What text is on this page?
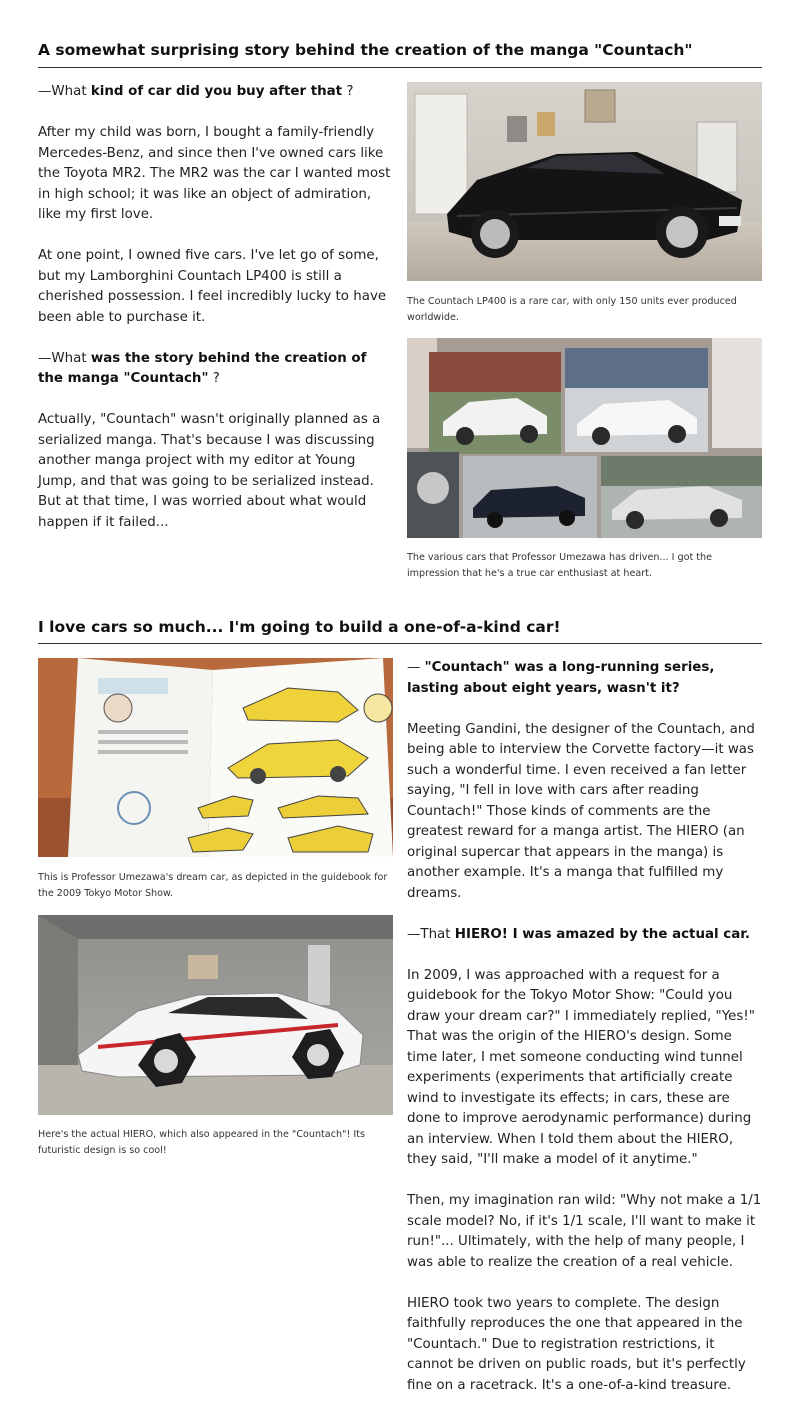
A somewhat surprising story behind the creation of the manga "Countach"

—What kind of car did you buy after that ?

After my child was born, I bought a family-friendly Mercedes-Benz, and since then I've owned cars like the Toyota MR2. The MR2 was the car I wanted most in high school; it was like an object of admiration, like my first love.

At one point, I owned five cars. I've let go of some, but my Lamborghini Countach LP400 is still a cherished possession. I feel incredibly lucky to have been able to purchase it.

—What was the story behind the creation of the manga "Countach" ?

Actually, "Countach" wasn't originally planned as a serialized manga. That's because I was discussing another manga project with my editor at Young Jump, and that was going to be serialized instead. But at that time, I was worried about what would happen if it failed...

The Countach LP400 is a rare car, with only 150 units ever produced worldwide.
The various cars that Professor Umezawa has driven... I got the impression that he's a true car enthusiast at heart.
I love cars so much... I'm going to build a one-of-a-kind car!

— "Countach" was a long-running series, lasting about eight years, wasn't it?

Meeting Gandini, the designer of the Countach, and being able to interview the Corvette factory—it was such a wonderful time. I even received a fan letter saying, "I fell in love with cars after reading Countach!" Those kinds of comments are the greatest reward for a manga artist. The HIERO (an original supercar that appears in the manga) is another example. It's a manga that fulfilled my dreams.

—That HIERO! I was amazed by the actual car.

In 2009, I was approached with a request for a guidebook for the Tokyo Motor Show: "Could you draw your dream car?" I immediately replied, "Yes!" That was the origin of the HIERO's design. Some time later, I met someone conducting wind tunnel experiments (experiments that artificially create wind to investigate its effects; in cars, these are done to improve aerodynamic performance) during an interview. When I told them about the HIERO, they said, "I'll make a model of it anytime."

Then, my imagination ran wild: "Why not make a 1/1 scale model? No, if it's 1/1 scale, I'll want to make it run!"... Ultimately, with the help of many people, I was able to realize the creation of a real vehicle.

HIERO took two years to complete. The design faithfully reproduces the one that appeared in the "Countach." Due to registration restrictions, it cannot be driven on public roads, but it's perfectly fine on a racetrack. It's a one-of-a-kind treasure.

This is Professor Umezawa's dream car, as depicted in the guidebook for the 2009 Tokyo Motor Show.
Here's the actual HIERO, which also appeared in the "Countach"! Its futuristic design is so cool!
